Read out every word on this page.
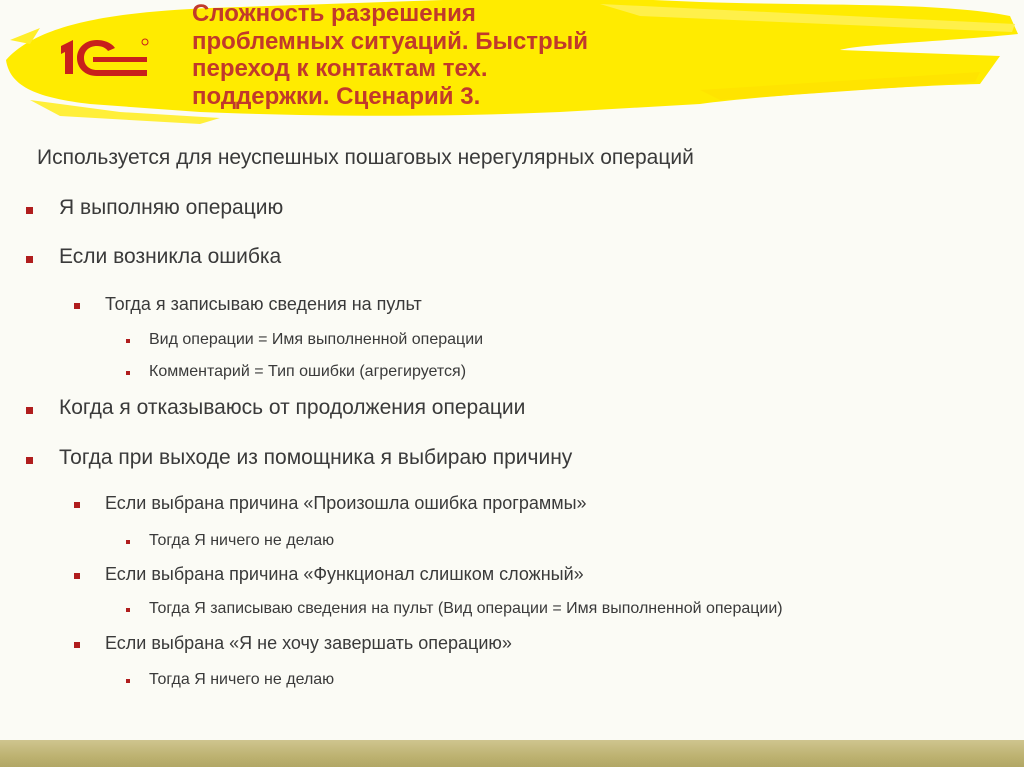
Сложность разрешения
проблемных ситуаций. Быстрый
переход к контактам тех.
поддержки. Сценарий 3.
Используется для неуспешных пошаговых нерегулярных операций
Я выполняю операцию
Если возникла ошибка
Тогда я записываю сведения на пульт
Вид операции = Имя выполненной операции
Комментарий = Тип ошибки (агрегируется)
Когда я отказываюсь от продолжения операции
Тогда при выходе из помощника я выбираю причину
Если выбрана причина «Произошла ошибка программы»
Тогда Я ничего не делаю
Если выбрана причина «Функционал слишком сложный»
Тогда Я записываю сведения на пульт (Вид операции = Имя выполненной операции)
Если выбрана «Я не хочу завершать операцию»
Тогда Я ничего не делаю
